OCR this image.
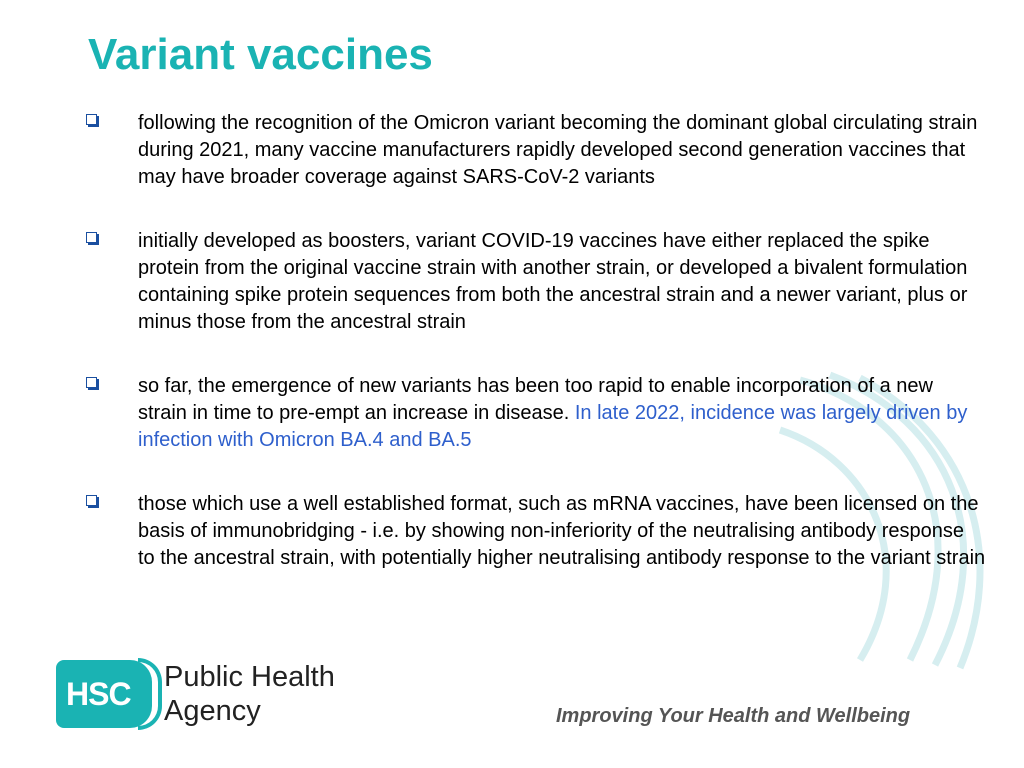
Variant vaccines
following the recognition of the Omicron variant becoming the dominant global circulating strain during 2021, many vaccine manufacturers rapidly developed second generation vaccines that may have broader coverage against SARS-CoV-2 variants
initially developed as boosters, variant COVID-19 vaccines have either replaced the spike protein from the original vaccine strain with another strain, or developed a bivalent formulation containing spike protein sequences from both the ancestral strain and a newer variant, plus or minus those from the ancestral strain
so far, the emergence of new variants has been too rapid to enable incorporation of a new strain in time to pre-empt an increase in disease. In late 2022, incidence was largely driven by infection with Omicron BA.4 and BA.5
those which use a well established format, such as mRNA vaccines, have been licensed on the basis of immunobridging - i.e. by showing non-inferiority of the neutralising antibody response to the ancestral strain, with potentially higher neutralising antibody response to the variant strain
HSC Public Health
Agency	Improving Your Health and Wellbeing
